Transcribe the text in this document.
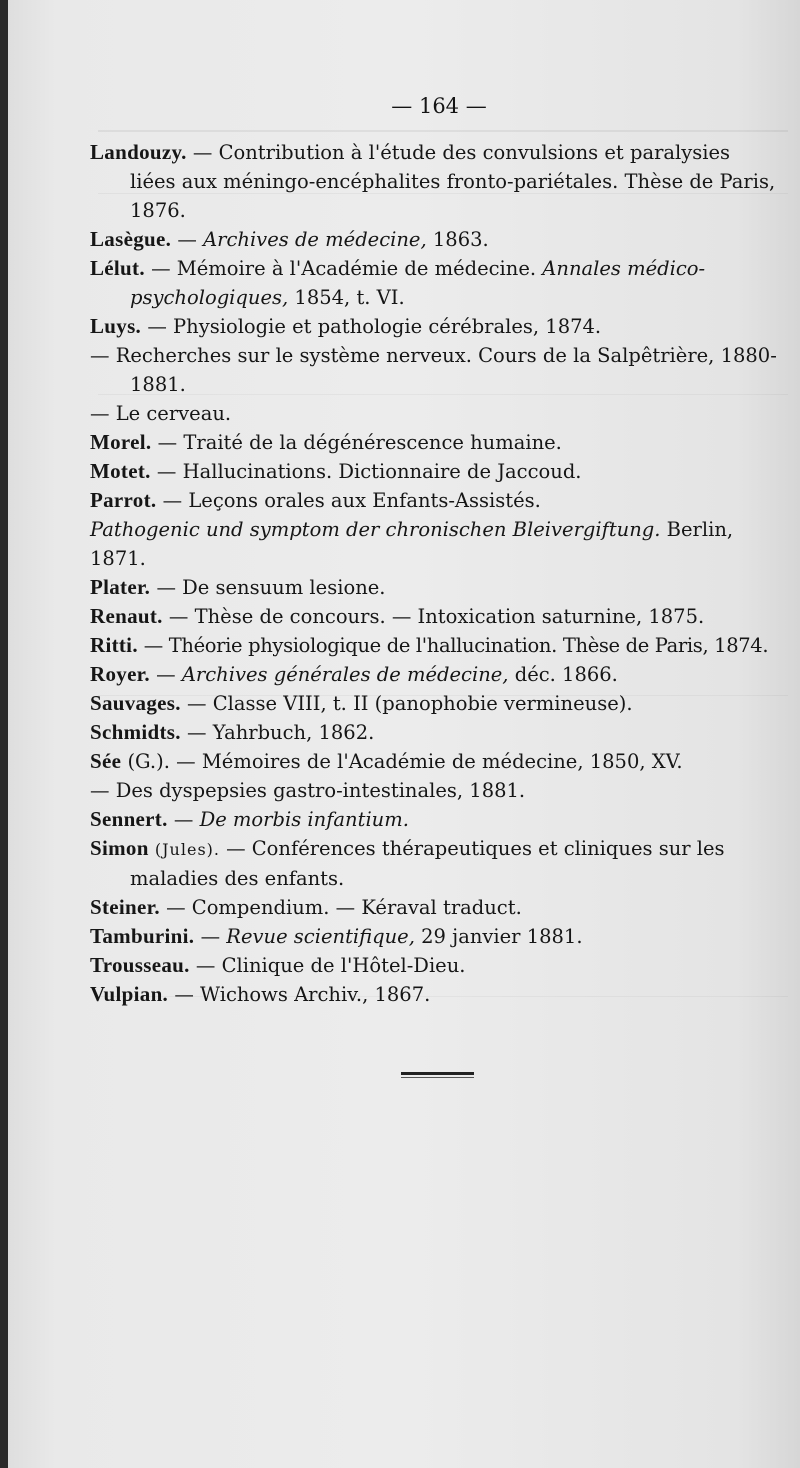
— 164 —
Landouzy. — Contribution à l'étude des convulsions et paralysies liées aux méningo-encéphalites fronto-pariétales. Thèse de Paris, 1876.
Lasègue. — Archives de médecine, 1863.
Lélut. — Mémoire à l'Académie de médecine. Annales médico-psychologiques, 1854, t. VI.
Luys. — Physiologie et pathologie cérébrales, 1874.
— Recherches sur le système nerveux. Cours de la Salpêtrière, 1880-1881.
— Le cerveau.
Morel. — Traité de la dégénérescence humaine.
Motet. — Hallucinations. Dictionnaire de Jaccoud.
Parrot. — Leçons orales aux Enfants-Assistés.
Pathogenic und symptom der chronischen Bleivergiftung. Berlin, 1871.
Plater. — De sensuum lesione.
Renaut. — Thèse de concours. — Intoxication saturnine, 1875.
Ritti. — Théorie physiologique de l'hallucination. Thèse de Paris, 1874.
Royer. — Archives générales de médecine, déc. 1866.
Sauvages. — Classe VIII, t. II (panophobie vermineuse).
Schmidts. — Yahrbuch, 1862.
Sée (G.). — Mémoires de l'Académie de médecine, 1850, XV.
— Des dyspepsies gastro-intestinales, 1881.
Sennert. — De morbis infantium.
Simon (Jules). — Conférences thérapeutiques et cliniques sur les maladies des enfants.
Steiner. — Compendium. — Kéraval traduct.
Tamburini. — Revue scientifique, 29 janvier 1881.
Trousseau. — Clinique de l'Hôtel-Dieu.
Vulpian. — Wichows Archiv., 1867.
